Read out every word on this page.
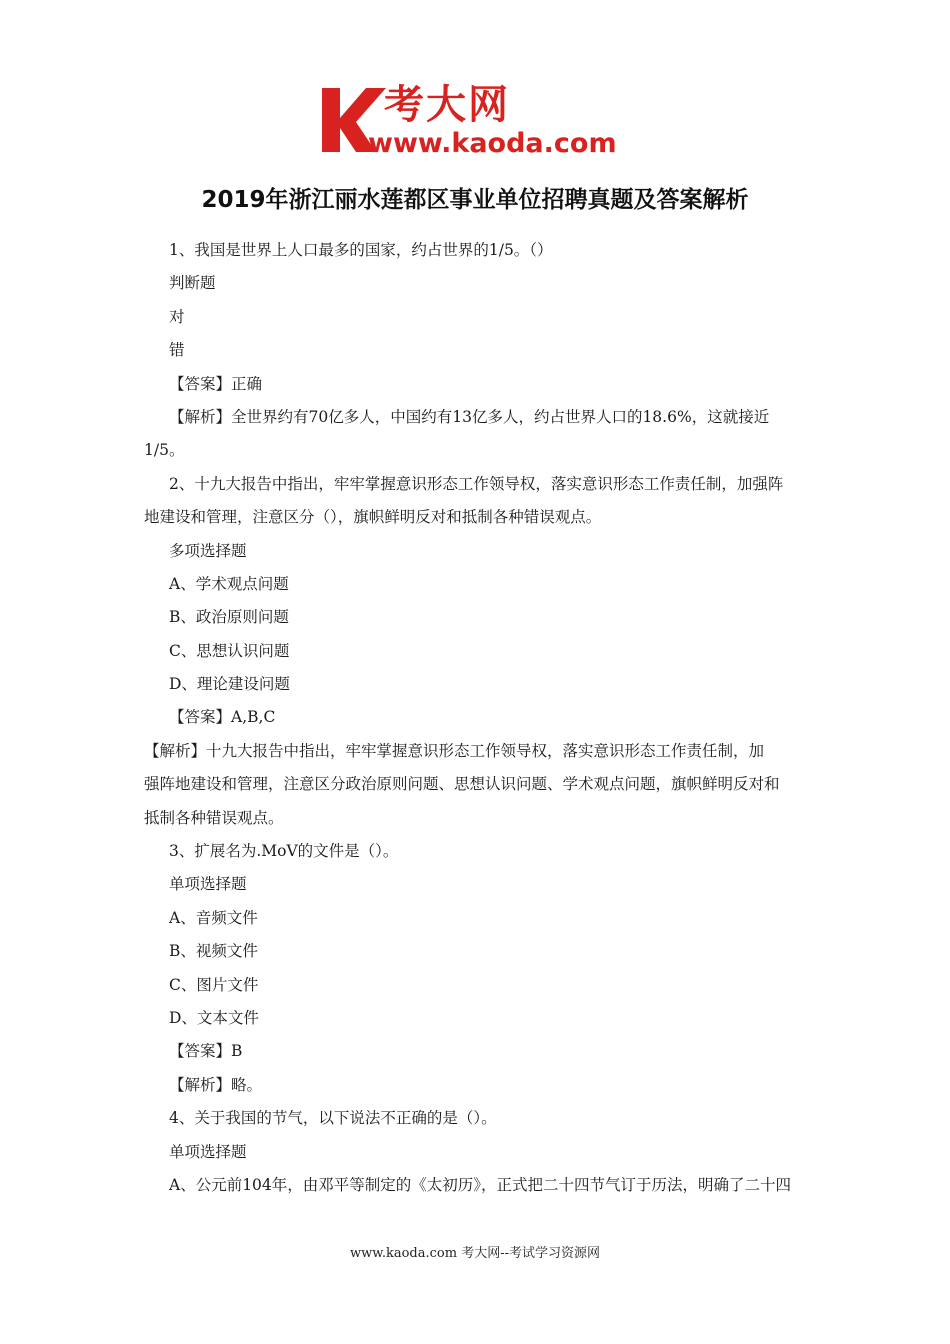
考大网
www.kaoda.com
2019年浙江丽水莲都区事业单位招聘真题及答案解析
1、我国是世界上人口最多的国家，约占世界的1/5。（）
判断题
对
错
【答案】正确
【解析】全世界约有70亿多人，中国约有13亿多人，约占世界人口的18.6%，这就接近
1/5。
2、十九大报告中指出，牢牢掌握意识形态工作领导权，落实意识形态工作责任制，加强阵
地建设和管理，注意区分（），旗帜鲜明反对和抵制各种错误观点。
多项选择题
A、学术观点问题
B、政治原则问题
C、思想认识问题
D、理论建设问题
【答案】A,B,C
【解析】十九大报告中指出，牢牢掌握意识形态工作领导权，落实意识形态工作责任制，加
强阵地建设和管理，注意区分政治原则问题、思想认识问题、学术观点问题，旗帜鲜明反对和
抵制各种错误观点。
3、扩展名为.MoV的文件是（）。
单项选择题
A、音频文件
B、视频文件
C、图片文件
D、文本文件
【答案】B
【解析】略。
4、关于我国的节气，以下说法不正确的是（）。
单项选择题
A、公元前104年，由邓平等制定的《太初历》，正式把二十四节气订于历法，明确了二十四
www.kaoda.com 考大网--考试学习资源网
